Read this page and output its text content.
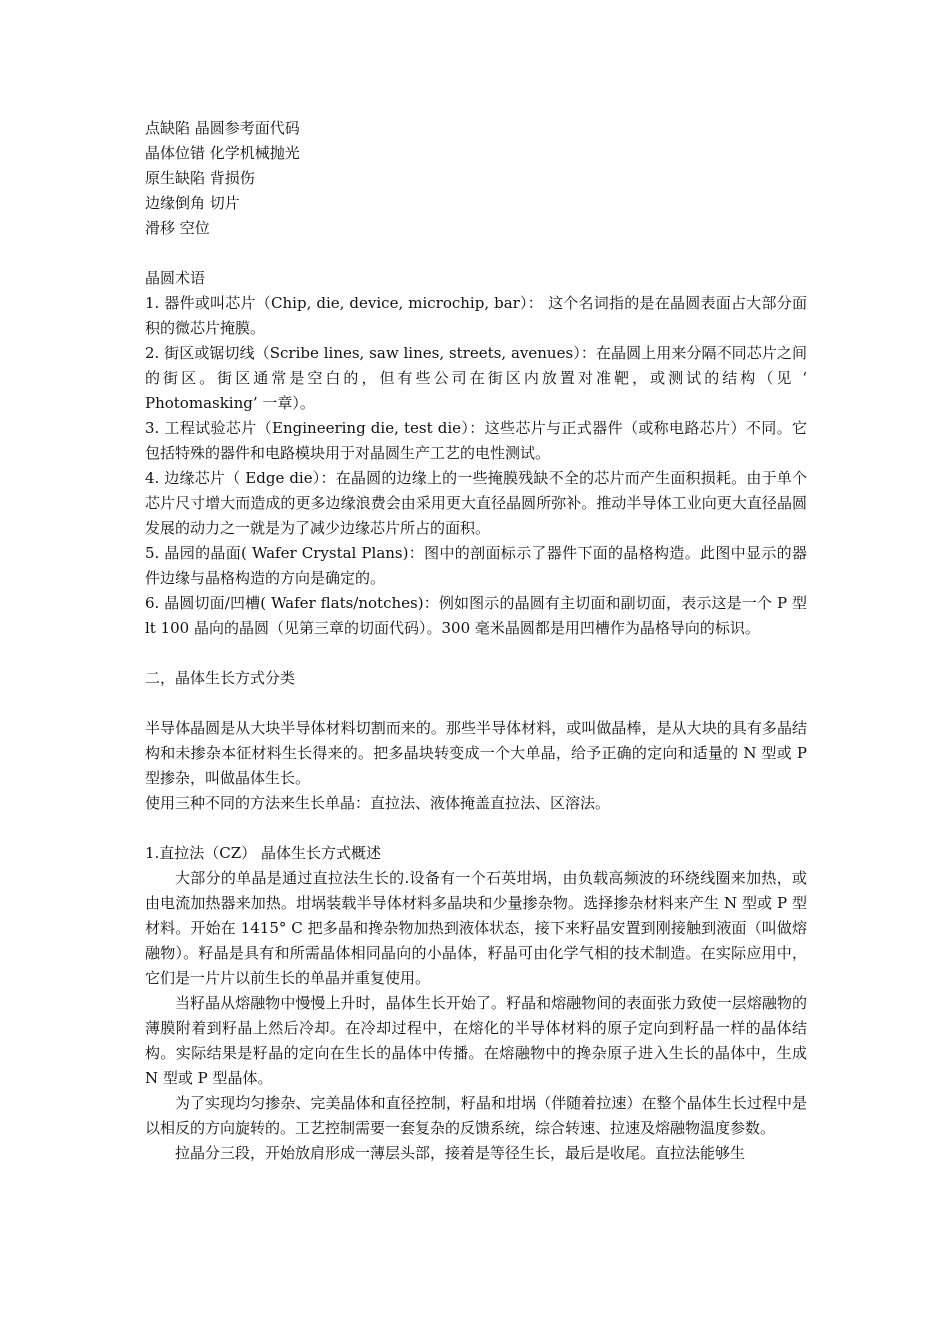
点缺陷 晶圆参考面代码

晶体位错 化学机械抛光

原生缺陷 背损伤

边缘倒角 切片

滑移 空位

晶圆术语

1. 器件或叫芯片（Chip, die, device, microchip, bar）： 这个名词指的是在晶圆表面占大部分面积的微芯片掩膜。

2. 街区或锯切线（Scribe lines, saw lines, streets, avenues）：在晶圆上用来分隔不同芯片之间的街区。街区通常是空白的，但有些公司在街区内放置对准靶，或测试的结构（见 ‘ Photomasking’ 一章）。

3. 工程试验芯片（Engineering die, test die）：这些芯片与正式器件（或称电路芯片）不同。它包括特殊的器件和电路模块用于对晶圆生产工艺的电性测试。

4. 边缘芯片（ Edge die）：在晶圆的边缘上的一些掩膜残缺不全的芯片而产生面积损耗。由于单个芯片尺寸增大而造成的更多边缘浪费会由采用更大直径晶圆所弥补。推动半导体工业向更大直径晶圆发展的动力之一就是为了减少边缘芯片所占的面积。

5. 晶园的晶面( Wafer Crystal Plans)：图中的剖面标示了器件下面的晶格构造。此图中显示的器件边缘与晶格构造的方向是确定的。

6. 晶圆切面/凹槽( Wafer flats/notches)：例如图示的晶圆有主切面和副切面，表示这是一个 P 型 lt 100 晶向的晶圆（见第三章的切面代码）。300 毫米晶圆都是用凹槽作为晶格导向的标识。

二，晶体生长方式分类

半导体晶圆是从大块半导体材料切割而来的。那些半导体材料，或叫做晶棒，是从大块的具有多晶结构和未掺杂本征材料生长得来的。把多晶块转变成一个大单晶，给予正确的定向和适量的 N 型或 P 型掺杂，叫做晶体生长。

使用三种不同的方法来生长单晶：直拉法、液体掩盖直拉法、区溶法。

1.直拉法（CZ） 晶体生长方式概述

大部分的单晶是通过直拉法生长的.设备有一个石英坩埚，由负载高频波的环绕线圈来加热，或由电流加热器来加热。坩埚装载半导体材料多晶块和少量掺杂物。选择掺杂材料来产生 N 型或 P 型材料。开始在 1415° C 把多晶和搀杂物加热到液体状态，接下来籽晶安置到刚接触到液面（叫做熔融物）。籽晶是具有和所需晶体相同晶向的小晶体，籽晶可由化学气相的技术制造。在实际应用中，它们是一片片以前生长的单晶并重复使用。

当籽晶从熔融物中慢慢上升时，晶体生长开始了。籽晶和熔融物间的表面张力致使一层熔融物的薄膜附着到籽晶上然后冷却。在冷却过程中，在熔化的半导体材料的原子定向到籽晶一样的晶体结构。实际结果是籽晶的定向在生长的晶体中传播。在熔融物中的搀杂原子进入生长的晶体中，生成 N 型或 P 型晶体。

为了实现均匀掺杂、完美晶体和直径控制，籽晶和坩埚（伴随着拉速）在整个晶体生长过程中是以相反的方向旋转的。工艺控制需要一套复杂的反馈系统，综合转速、拉速及熔融物温度参数。

拉晶分三段，开始放肩形成一薄层头部，接着是等径生长，最后是收尾。直拉法能够生
